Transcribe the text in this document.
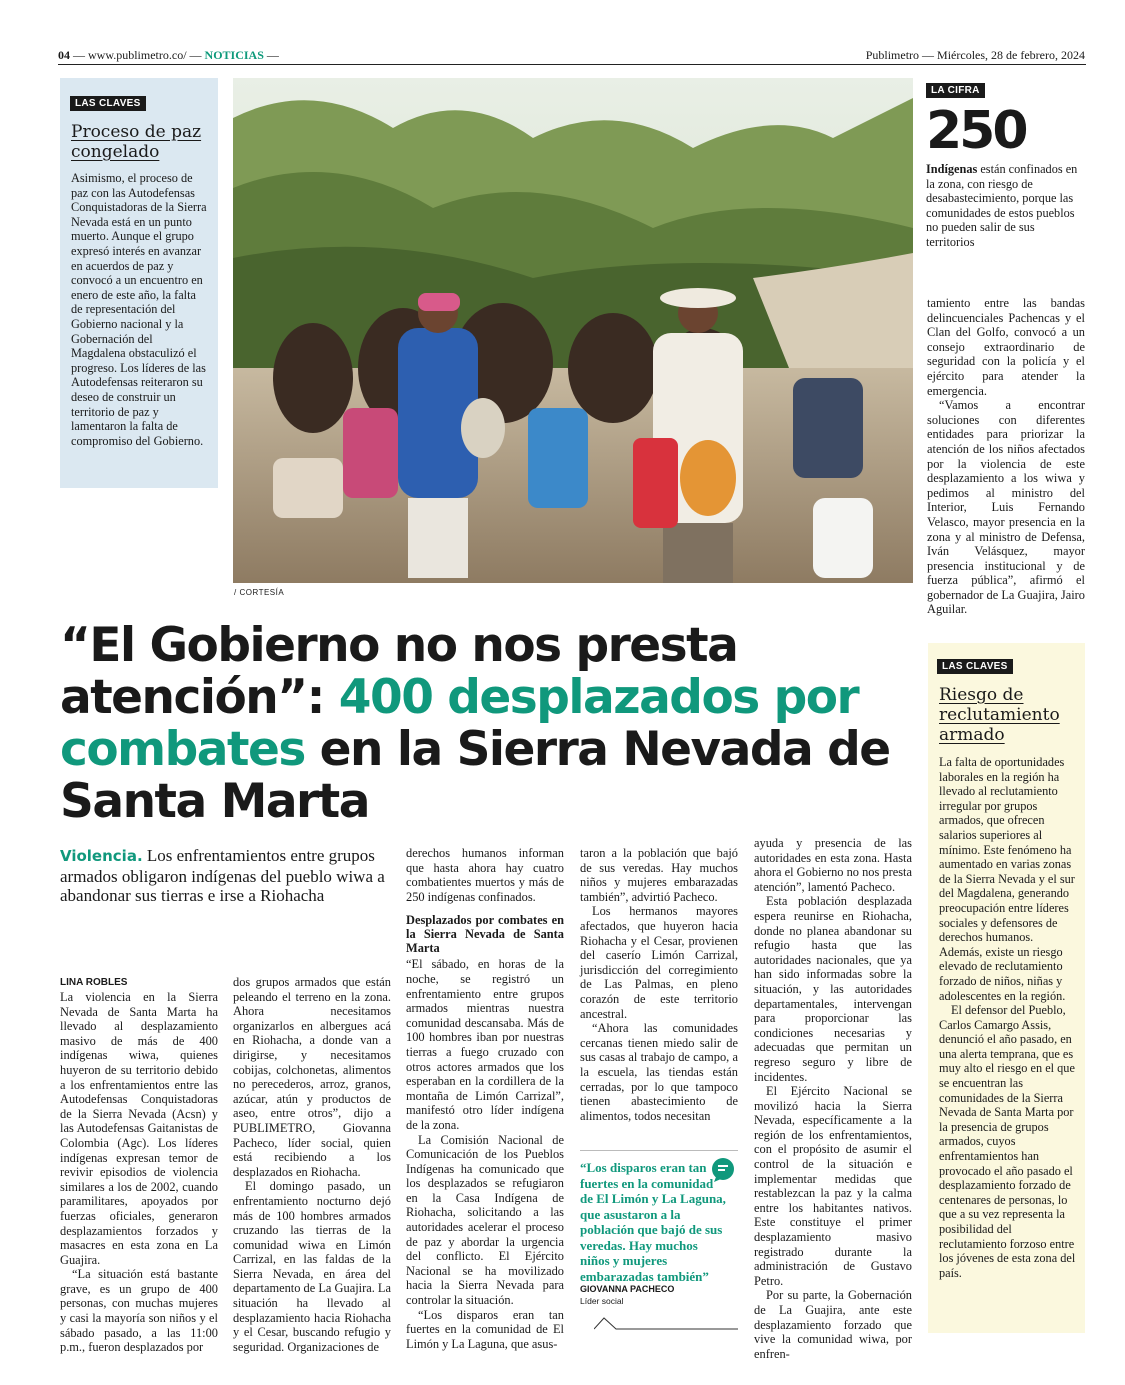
04 — www.publimetro.co/ — NOTICIAS —	Publimetro — Miércoles, 28 de febrero, 2024
LAS CLAVES
Proceso de paz congelado
Asimismo, el proceso de paz con las Autodefensas Conquistadoras de la Sierra Nevada está en un punto muerto. Aunque el grupo expresó interés en avanzar en acuerdos de paz y convocó a un encuentro en enero de este año, la falta de representación del Gobierno nacional y la Gobernación del Magdalena obstaculizó el progreso. Los líderes de las Autodefensas reiteraron su deseo de construir un territorio de paz y lamentaron la falta de compromiso del Gobierno.
/ CORTESÍA
LA CIFRA
250
Indígenas están confinados en la zona, con riesgo de desabastecimiento, porque las comunidades de estos pueblos no pueden salir de sus territorios

tamiento entre las bandas delincuenciales Pachencas y el Clan del Golfo, convocó a un consejo extraordinario de seguridad con la policía y el ejército para atender la emergencia.

“Vamos a encontrar soluciones con diferentes entidades para priorizar la atención de los niños afectados por la violencia de este desplazamiento a los wiwa y pedimos al ministro del Interior, Luis Fernando Velasco, mayor presencia en la zona y al ministro de Defensa, Iván Velásquez, mayor presencia institucional y de fuerza pública”, afirmó el gobernador de La Guajira, Jairo Aguilar.

“El Gobierno no nos presta atención”: 400 desplazados por combates en la Sierra Nevada de Santa Marta
LAS CLAVES
Riesgo de reclutamiento armado
La falta de oportunidades laborales en la región ha llevado al reclutamiento irregular por grupos armados, que ofrecen salarios superiores al mínimo. Este fenómeno ha aumentado en varias zonas de la Sierra Nevada y el sur del Magdalena, generando preocupación entre líderes sociales y defensores de derechos humanos. Además, existe un riesgo elevado de reclutamiento forzado de niños, niñas y adolescentes en la región.
El defensor del Pueblo, Carlos Camargo Assis, denunció el año pasado, en una alerta temprana, que es muy alto el riesgo en el que se encuentran las comunidades de la Sierra Nevada de Santa Marta por la presencia de grupos armados, cuyos enfrentamientos han provocado el año pasado el desplazamiento forzado de centenares de personas, lo que a su vez representa la posibilidad del reclutamiento forzoso entre los jóvenes de esta zona del país.
Violencia. Los enfrentamientos entre grupos armados obligaron indígenas del pueblo wiwa a abandonar sus tierras e irse a Riohacha
LINA ROBLES

La violencia en la Sierra Nevada de Santa Marta ha llevado al desplazamiento masivo de más de 400 indígenas wiwa, quienes huyeron de su territorio debido a los enfrentamientos entre las Autodefensas Conquistadoras de la Sierra Nevada (Acsn) y las Autodefensas Gaitanistas de Colombia (Agc). Los líderes indígenas expresan temor de revivir episodios de violencia similares a los de 2002, cuando paramilitares, apoyados por fuerzas oficiales, generaron desplazamientos forzados y masacres en esta zona en La Guajira.

“La situación está bastante grave, es un grupo de 400 personas, con muchas mujeres y casi la mayoría son niños y el sábado pasado, a las 11:00 p.m., fueron desplazados por

dos grupos armados que están peleando el terreno en la zona. Ahora necesitamos organizarlos en albergues acá en Riohacha, a donde van a dirigirse, y necesitamos cobijas, colchonetas, alimentos no perecederos, arroz, granos, azúcar, atún y productos de aseo, entre otros”, dijo a PUBLIMETRO, Giovanna Pacheco, líder social, quien está recibiendo a los desplazados en Riohacha.

El domingo pasado, un enfrentamiento nocturno dejó más de 100 hombres armados cruzando las tierras de la comunidad wiwa en Limón Carrizal, en las faldas de la Sierra Nevada, en área del departamento de La Guajira. La situación ha llevado al desplazamiento hacia Riohacha y el Cesar, buscando refugio y seguridad. Organizaciones de

derechos humanos informan que hasta ahora hay cuatro combatientes muertos y más de 250 indígenas confinados.

Desplazados por combates en la Sierra Nevada de Santa Marta

“El sábado, en horas de la noche, se registró un enfrentamiento entre grupos armados mientras nuestra comunidad descansaba. Más de 100 hombres iban por nuestras tierras a fuego cruzado con otros actores armados que los esperaban en la cordillera de la montaña de Limón Carrizal”, manifestó otro líder indígena de la zona.

La Comisión Nacional de Comunicación de los Pueblos Indígenas ha comunicado que los desplazados se refugiaron en la Casa Indígena de Riohacha, solicitando a las autoridades acelerar el proceso de paz y abordar la urgencia del conflicto. El Ejército Nacional se ha movilizado hacia la Sierra Nevada para controlar la situación.

“Los disparos eran tan fuertes en la comunidad de El Limón y La Laguna, que asus-

taron a la población que bajó de sus veredas. Hay muchos niños y mujeres embarazadas también”, advirtió Pacheco.

Los hermanos mayores afectados, que huyeron hacia Riohacha y el Cesar, provienen del caserío Limón Carrizal, jurisdicción del corregimiento de Las Palmas, en pleno corazón de este territorio ancestral.

“Ahora las comunidades cercanas tienen miedo salir de sus casas al trabajo de campo, a la escuela, las tiendas están cerradas, por lo que tampoco tienen abastecimiento de alimentos, todos necesitan

“Los disparos eran tan fuertes en la comunidad de El Limón y La Laguna, que asustaron a la población que bajó de sus veredas. Hay muchos niños y mujeres embarazadas también”
GIOVANNA PACHECO
Líder social

ayuda y presencia de las autoridades en esta zona. Hasta ahora el Gobierno no nos presta atención”, lamentó Pacheco.

Esta población desplazada espera reunirse en Riohacha, donde no planea abandonar su refugio hasta que las autoridades nacionales, que ya han sido informadas sobre la situación, y las autoridades departamentales, intervengan para proporcionar las condiciones necesarias y adecuadas que permitan un regreso seguro y libre de incidentes.

El Ejército Nacional se movilizó hacia la Sierra Nevada, específicamente a la región de los enfrentamientos, con el propósito de asumir el control de la situación e implementar medidas que restablezcan la paz y la calma entre los habitantes nativos. Este constituye el primer desplazamiento masivo registrado durante la administración de Gustavo Petro.

Por su parte, la Gobernación de La Guajira, ante este desplazamiento forzado que vive la comunidad wiwa, por enfren-
